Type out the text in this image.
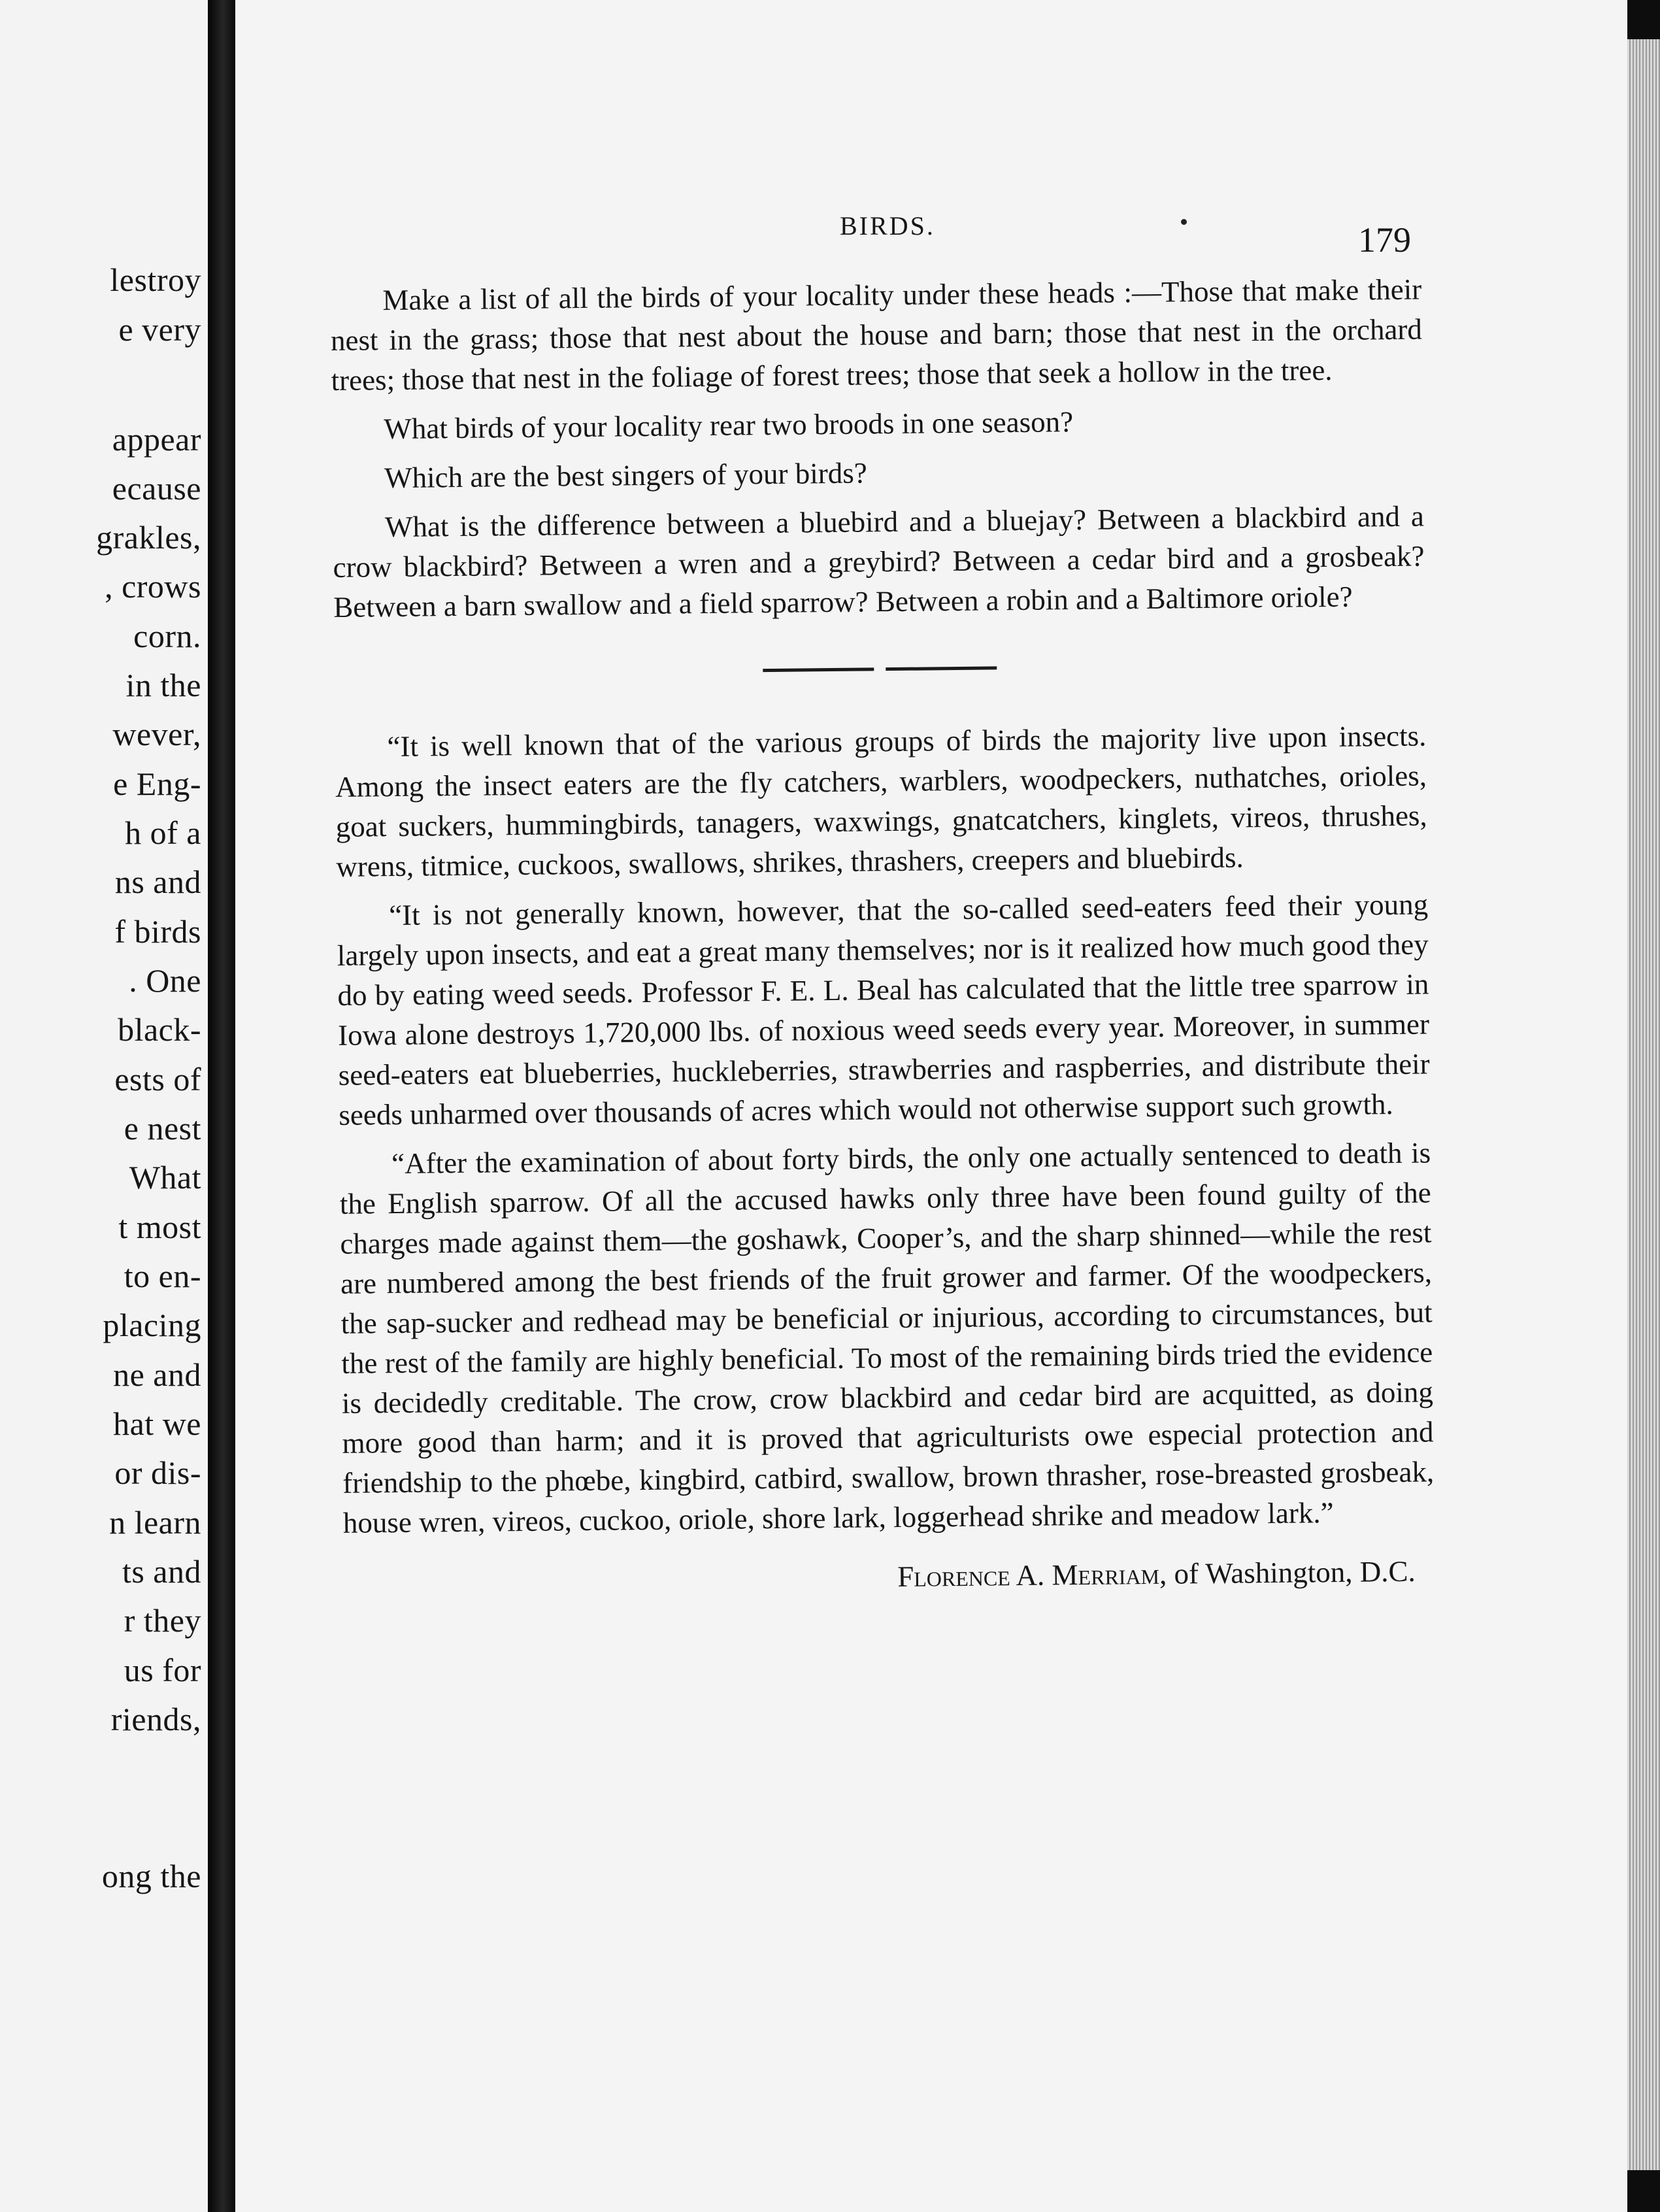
lestroy
e very
appear
ecause
grakles,
, crows
corn.
in the
wever,
e Eng-
h of a
ns and
f birds
. One
black-
ests of
e nest
What
t most
to en-
placing
ne and
hat we
or dis-
n learn
ts and
r they
us for
riends,
ong the
BIRDS.	179

Make a list of all the birds of your locality under these heads :—Those that make their nest in the grass; those that nest about the house and barn; those that nest in the orchard trees; those that nest in the foliage of forest trees; those that seek a hollow in the tree.

What birds of your locality rear two broods in one season?

Which are the best singers of your birds?

What is the difference between a bluebird and a bluejay? Between a blackbird and a crow blackbird? Between a wren and a greybird? Between a cedar bird and a grosbeak? Between a barn swallow and a field sparrow? Between a robin and a Baltimore oriole?

“It is well known that of the various groups of birds the majority live upon insects. Among the insect eaters are the fly catchers, warblers, woodpeckers, nuthatches, orioles, goat suckers, hummingbirds, tanagers, waxwings, gnatcatchers, kinglets, vireos, thrushes, wrens, titmice, cuckoos, swallows, shrikes, thrashers, creepers and bluebirds.

“It is not generally known, however, that the so-called seed-eaters feed their young largely upon insects, and eat a great many themselves; nor is it realized how much good they do by eating weed seeds. Professor F. E. L. Beal has calculated that the little tree sparrow in Iowa alone destroys 1,720,000 lbs. of noxious weed seeds every year. Moreover, in summer seed-eaters eat blueberries, huckleberries, strawberries and raspberries, and distribute their seeds unharmed over thousands of acres which would not otherwise support such growth.

“After the examination of about forty birds, the only one actually sentenced to death is the English sparrow. Of all the accused hawks only three have been found guilty of the charges made against them—the goshawk, Cooper’s, and the sharp shinned—while the rest are numbered among the best friends of the fruit grower and farmer. Of the woodpeckers, the sap-sucker and redhead may be beneficial or injurious, according to circumstances, but the rest of the family are highly beneficial. To most of the remaining birds tried the evidence is decidedly creditable. The crow, crow blackbird and cedar bird are acquitted, as doing more good than harm; and it is proved that agriculturists owe especial protection and friendship to the phœbe, kingbird, catbird, swallow, brown thrasher, rose-breasted grosbeak, house wren, vireos, cuckoo, oriole, shore lark, loggerhead shrike and meadow lark.”

Florence A. Merriam, of Washington, D.C.
